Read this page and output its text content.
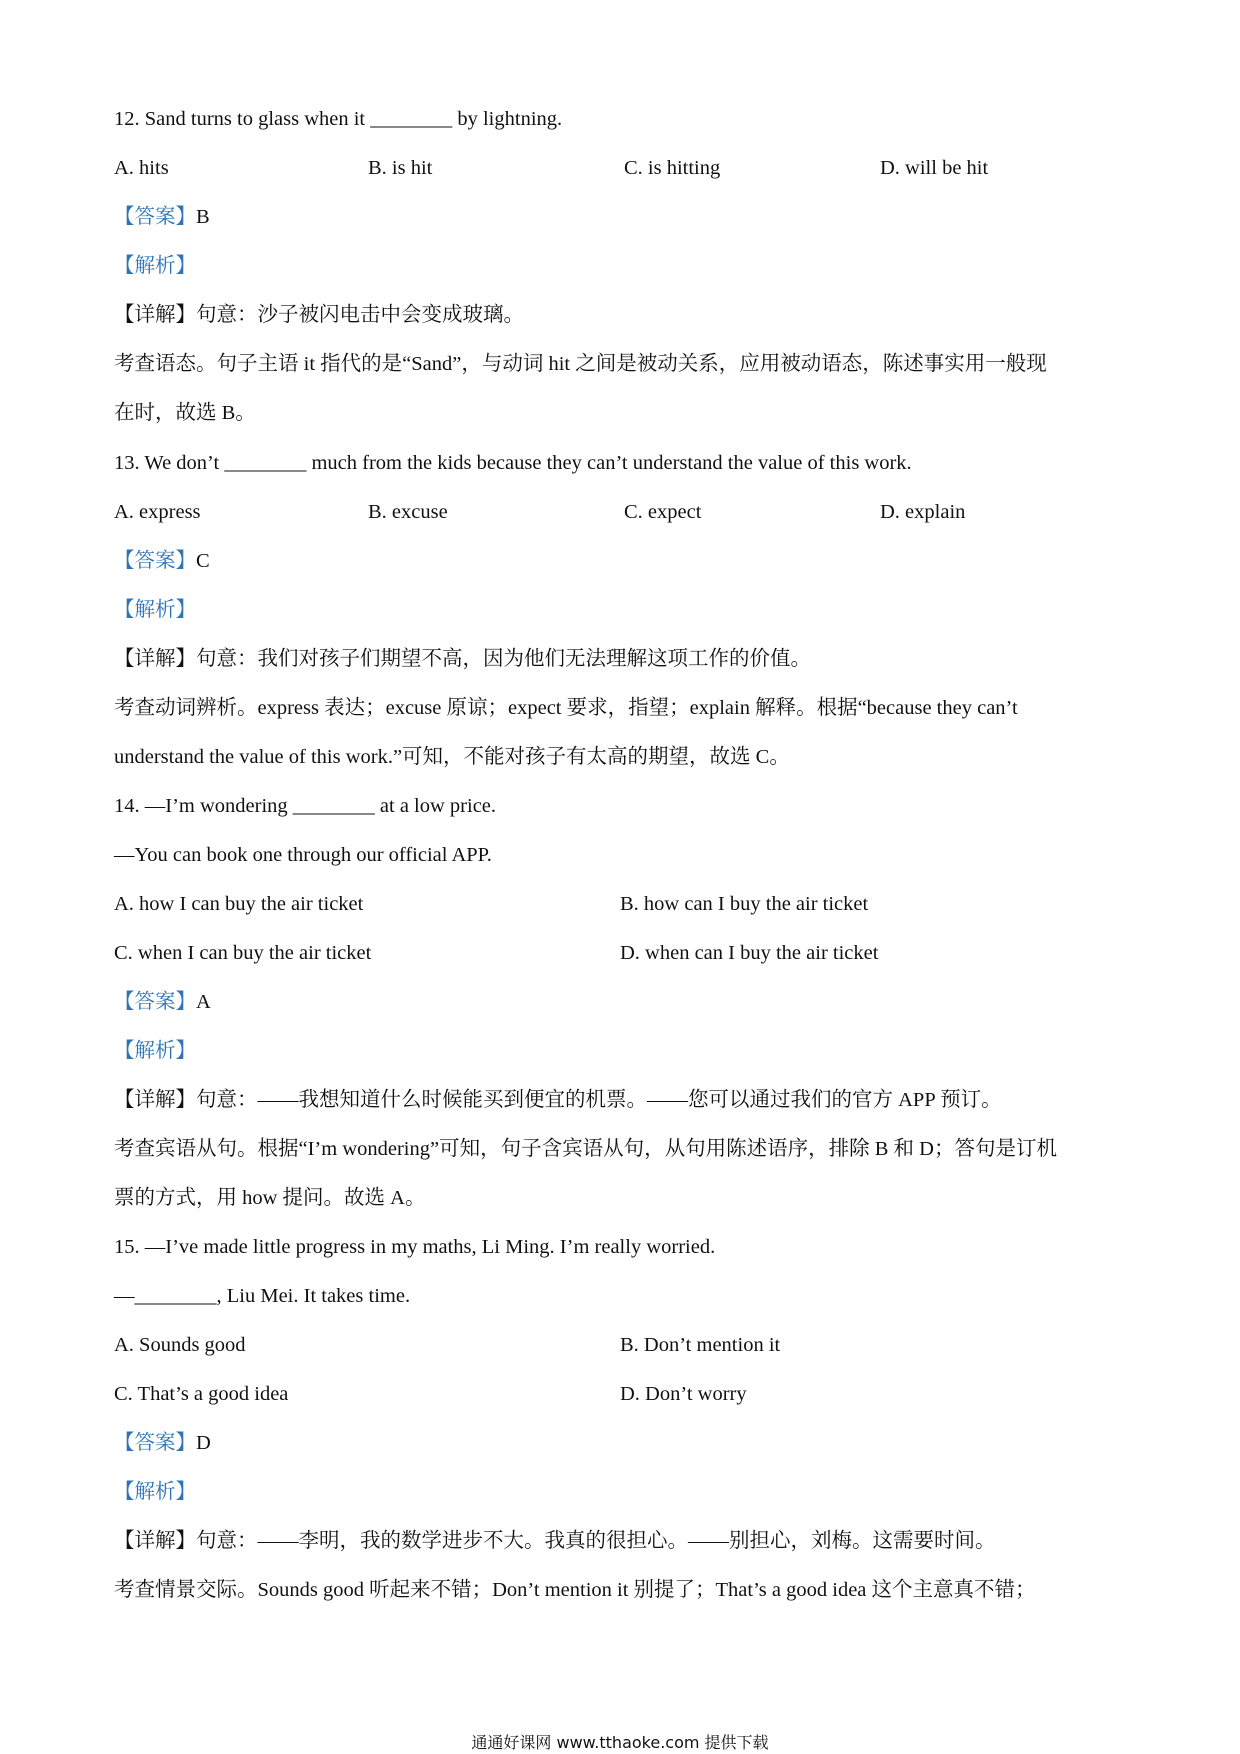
12. Sand turns to glass when it ________ by lightning.
A. hits	B. is hit	C. is hitting	D. will be hit
【答案】B
【解析】
【详解】句意：沙子被闪电击中会变成玻璃。
考查语态。句子主语 it 指代的是“Sand”，与动词 hit 之间是被动关系，应用被动语态，陈述事实用一般现
在时，故选 B。
13. We don’t ________ much from the kids because they can’t understand the value of this work.
A. express	B. excuse	C. expect	D. explain
【答案】C
【解析】
【详解】句意：我们对孩子们期望不高，因为他们无法理解这项工作的价值。
考查动词辨析。express 表达；excuse 原谅；expect 要求，指望；explain 解释。根据“because they can’t
understand the value of this work.”可知，不能对孩子有太高的期望，故选 C。
14. —I’m wondering ________ at a low price.
—You can book one through our official APP.
A. how I can buy the air ticket	B. how can I buy the air ticket
C. when I can buy the air ticket	D. when can I buy the air ticket
【答案】A
【解析】
【详解】句意：——我想知道什么时候能买到便宜的机票。——您可以通过我们的官方 APP 预订。
考查宾语从句。根据“I’m wondering”可知，句子含宾语从句，从句用陈述语序，排除 B 和 D；答句是订机
票的方式，用 how 提问。故选 A。
15. —I’ve made little progress in my maths, Li Ming. I’m really worried.
—________, Liu Mei. It takes time.
A. Sounds good	B. Don’t mention it
C. That’s a good idea	D. Don’t worry
【答案】D
【解析】
【详解】句意：——李明，我的数学进步不大。我真的很担心。——别担心，刘梅。这需要时间。
考查情景交际。Sounds good 听起来不错；Don’t mention it 别提了；That’s a good idea 这个主意真不错；
通通好课网 www.tthaoke.com 提供下载
